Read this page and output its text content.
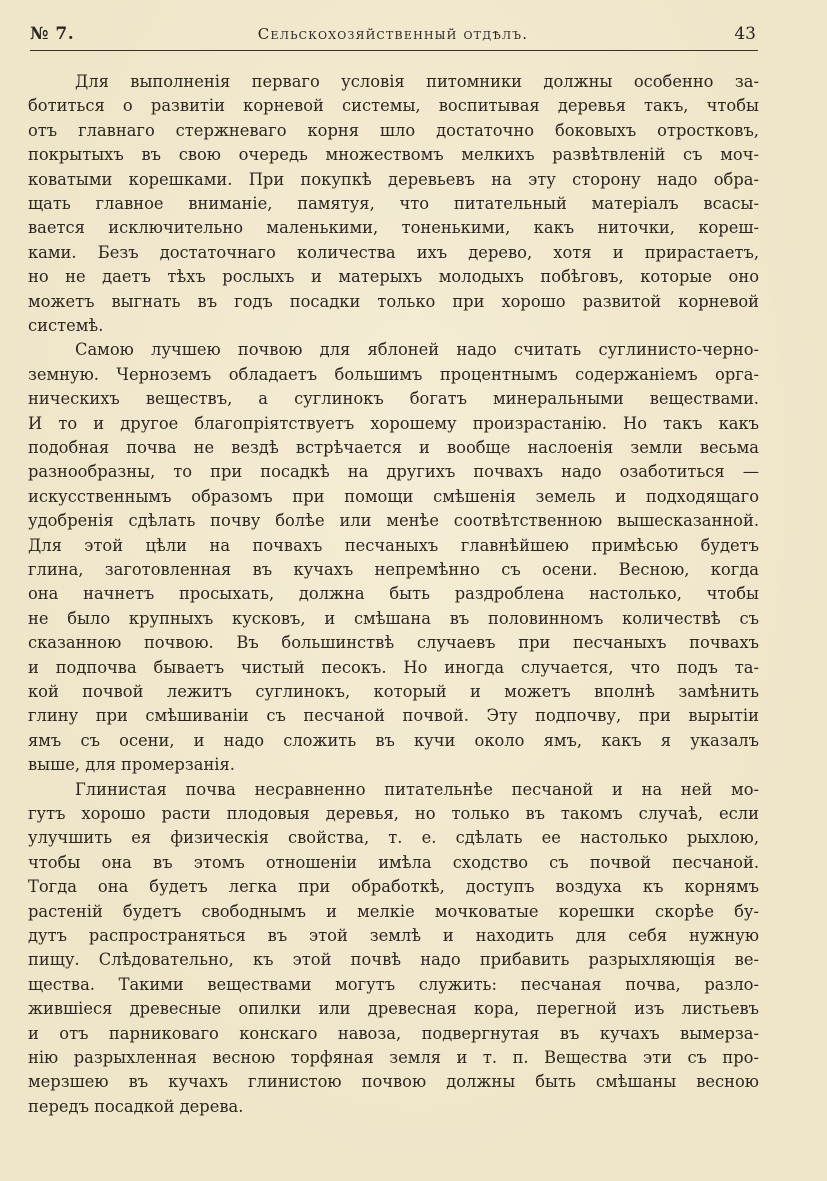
№ 7.	Сельскохозяйственный отдѣлъ.	43
Для выполненія перваго условія питомники должны особенно за-
ботиться о развитіи корневой системы, воспитывая деревья такъ, чтобы
отъ главнаго стержневаго корня шло достаточно боковыхъ отростковъ,
покрытыхъ въ свою очередь множествомъ мелкихъ развѣтвленій съ моч-
коватыми корешками. При покупкѣ деревьевъ на эту сторону надо обра-
щать главное вниманіе, памятуя, что питательный матеріалъ всасы-
вается исключительно маленькими, тоненькими, какъ ниточки, кореш-
ками. Безъ достаточнаго количества ихъ дерево, хотя и прирастаетъ,
но не даетъ тѣхъ рослыхъ и матерыхъ молодыхъ побѣговъ, которые оно
можетъ выгнать въ годъ посадки только при хорошо развитой корневой
системѣ.
Самою лучшею почвою для яблоней надо считать суглинисто-черно-
земную. Черноземъ обладаетъ большимъ процентнымъ содержаніемъ орга-
ническихъ веществъ, а суглинокъ богатъ минеральными веществами.
И то и другое благопріятствуетъ хорошему произрастанію. Но такъ какъ
подобная почва не вездѣ встрѣчается и вообще наслоенія земли весьма
разнообразны, то при посадкѣ на другихъ почвахъ надо озаботиться —
искусственнымъ образомъ при помощи смѣшенія земель и подходящаго
удобренія сдѣлать почву болѣе или менѣе соотвѣтственною вышесказанной.
Для этой цѣли на почвахъ песчаныхъ главнѣйшею примѣсью будетъ
глина, заготовленная въ кучахъ непремѣнно съ осени. Весною, когда
она начнетъ просыхать, должна быть раздроблена настолько, чтобы
не было крупныхъ кусковъ, и смѣшана въ половинномъ количествѣ съ
сказанною почвою. Въ большинствѣ случаевъ при песчаныхъ почвахъ
и подпочва бываетъ чистый песокъ. Но иногда случается, что подъ та-
кой почвой лежитъ суглинокъ, который и можетъ вполнѣ замѣнить
глину при смѣшиваніи съ песчаной почвой. Эту подпочву, при вырытіи
ямъ съ осени, и надо сложить въ кучи около ямъ, какъ я указалъ
выше, для промерзанія.
Глинистая почва несравненно питательнѣе песчаной и на ней мо-
гутъ хорошо расти плодовыя деревья, но только въ такомъ случаѣ, если
улучшить ея физическія свойства, т. е. сдѣлать ее настолько рыхлою,
чтобы она въ этомъ отношеніи имѣла сходство съ почвой песчаной.
Тогда она будетъ легка при обработкѣ, доступъ воздуха къ корнямъ
растеній будетъ свободнымъ и мелкіе мочковатые корешки скорѣе бу-
дутъ распространяться въ этой землѣ и находить для себя нужную
пищу. Слѣдовательно, къ этой почвѣ надо прибавить разрыхляющія ве-
щества. Такими веществами могутъ служить: песчаная почва, разло-
жившіеся древесные опилки или древесная кора, перегной изъ листьевъ
и отъ парниковаго конскаго навоза, подвергнутая въ кучахъ вымерза-
нію разрыхленная весною торфяная земля и т. п. Вещества эти съ про-
мерзшею въ кучахъ глинистою почвою должны быть смѣшаны весною
передъ посадкой дерева.
